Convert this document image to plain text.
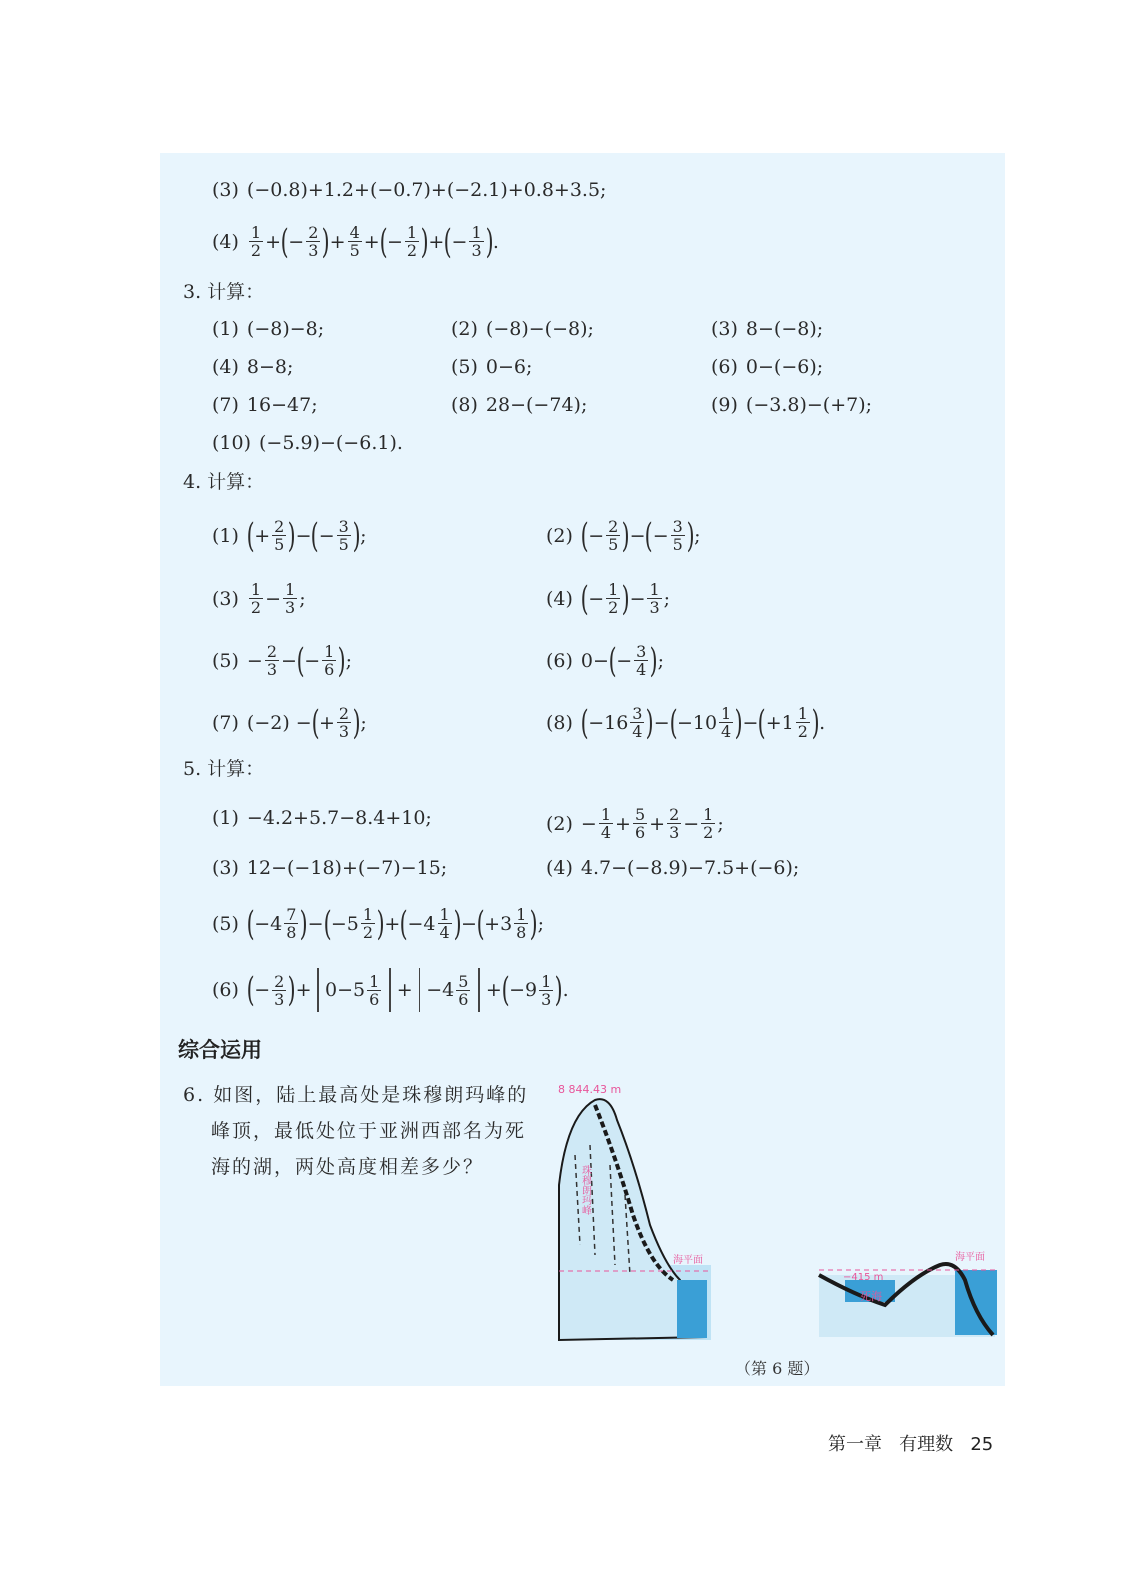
(3) (−0.8)+1.2+(−0.7)+(−2.1)+0.8+3.5;
$(4) \frac{1}{2}$ + ( − $\frac{2}{3}$ ) + $\frac{4}{5}$ + ( − $\frac{1}{2}$ ) + ( − $\frac{1}{3}$ ) .
3. 计算：
(1) (−8)−8;	(2) (−8)−(−8);	(3) 8−(−8);
(4) 8−8;	(5) 0−6;	(6) 0−(−6);
(7) 16−47;	(8) 28−(−74);	(9) (−3.8)−(+7);
(10) (−5.9)−(−6.1).
4. 计算：
(1) ( + $\frac{2}{5}$ ) − ( − $\frac{3}{5}$ ) ;	(2) ( − $\frac{2}{5}$ ) − ( − $\frac{3}{5}$ ) ;
$(3) \frac{1}{2} - \frac{1}{3}$ ;	(4) ( − $\frac{1}{2}$ ) − $\frac{1}{3}$ ;
$(5) - \frac{2}{3}$ − ( − $\frac{1}{6}$ ) ;	(6) 0− ( − $\frac{3}{4}$ ) ;
(7) (−2) − ( + $\frac{2}{3}$ ) ;	(8) ( $-16 \frac{3}{4}$ ) − ( $-10 \frac{1}{4}$ ) − ( $+1 \frac{1}{2}$ ) .
5. 计算：
(1) −4.2+5.7−8.4+10;	$(2) - \frac{1}{4} + \frac{5}{6} + \frac{2}{3} - \frac{1}{2}$ ;
(3) 12−(−18)+(−7)−15;	(4) 4.7−(−8.9)−7.5+(−6);
(5) ( $-4 \frac{7}{8}$ ) − ( $-5 \frac{1}{2}$ ) + ( $-4 \frac{1}{4}$ ) − ( $+3 \frac{1}{8}$ ) ;
(6) ( − $\frac{2}{3}$ ) + $0-5 \frac{1}{6} + -4 \frac{5}{6}$ + ( $-9 \frac{1}{3}$ ) .
综合运用
6. 如图，陆上最高处是珠穆朗玛峰的
峰顶，最低处位于亚洲西部名为死
海的湖，两处高度相差多少？
8 844.43 m
海平面
珠穆朗玛峰
海平面
−415 m
死海
（第 6 题）
第一章 有理数 25
